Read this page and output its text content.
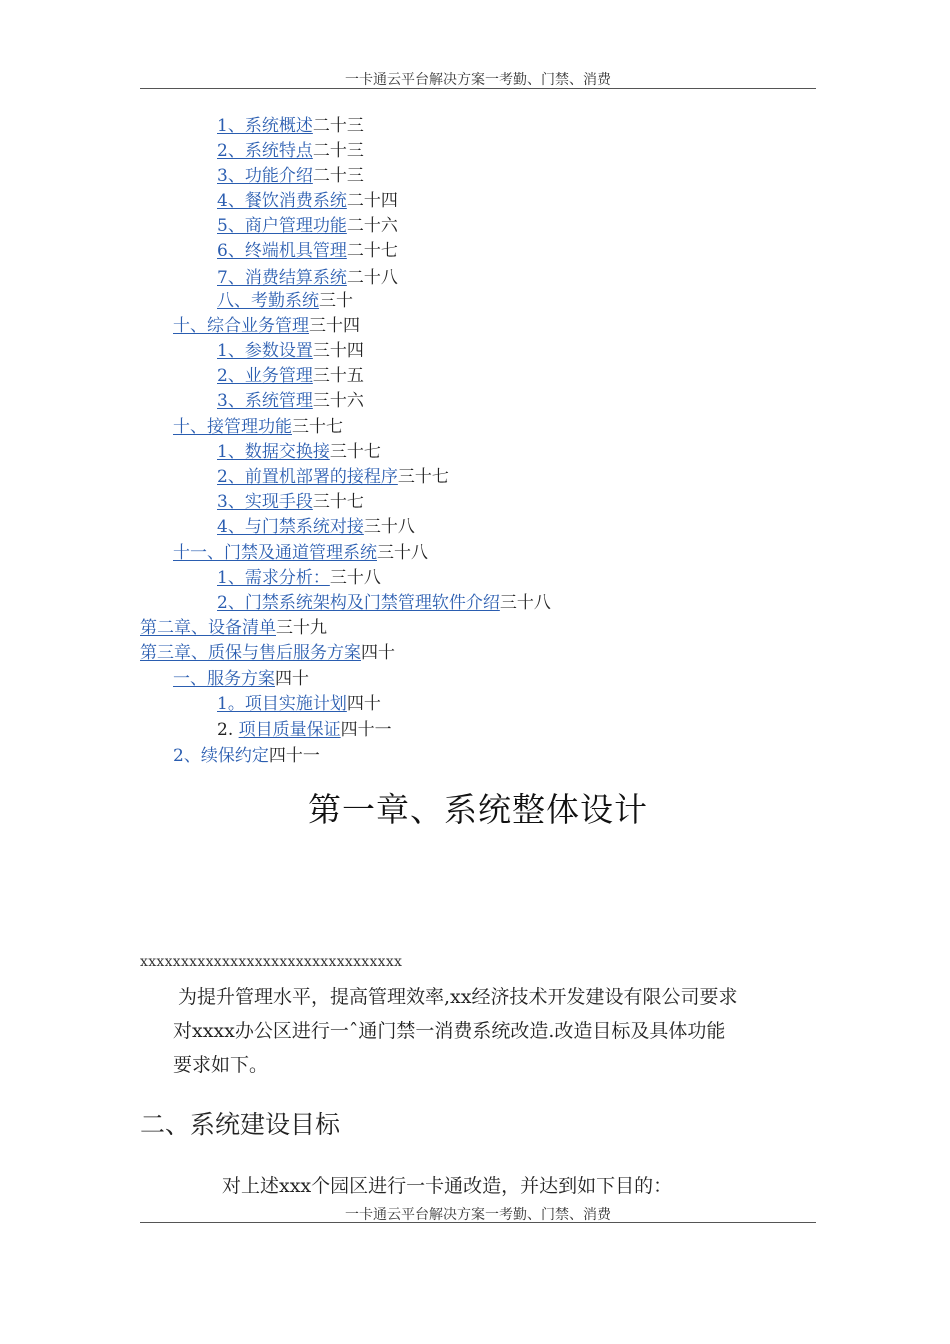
一卡通云平台解决方案一考勤、门禁、消费
1、系统概述二十三
2、系统特点二十三
3、功能介绍二十三
4、餐饮消费系统二十四
5、商户管理功能二十六
6、终端机具管理二十七
7、消费结算系统二十八
八、考勤系统三十
十、综合业务管理三十四
1、参数设置三十四
2、业务管理三十五
3、系统管理三十六
十、接管理功能三十七
1、数据交换接三十七
2、前置机部署的接程序三十七
3、实现手段三十七
4、与门禁系统对接三十八
十一、门禁及通道管理系统三十八
1、需求分析：三十八
2、门禁系统架构及门禁管理软件介绍三十八
第二章、设备清单三十九
第三章、质保与售后服务方案四十
一、服务方案四十
1。项目实施计划四十
2. 项目质量保证四十一
2、续保约定四十一
第一章、系统整体设计
xxxxxxxxxxxxxxxxxxxxxxxxxxxxxxxx
为提升管理水平，提高管理效率,xx经济技术开发建设有限公司要求
对xxxx办公区进行一ˆ通门禁一消费系统改造.改造目标及具体功能
要求如下。
二、系统建设目标
对上述xxx个园区进行一卡通改造，并达到如下目的：
一卡通云平台解决方案一考勤、门禁、消费
